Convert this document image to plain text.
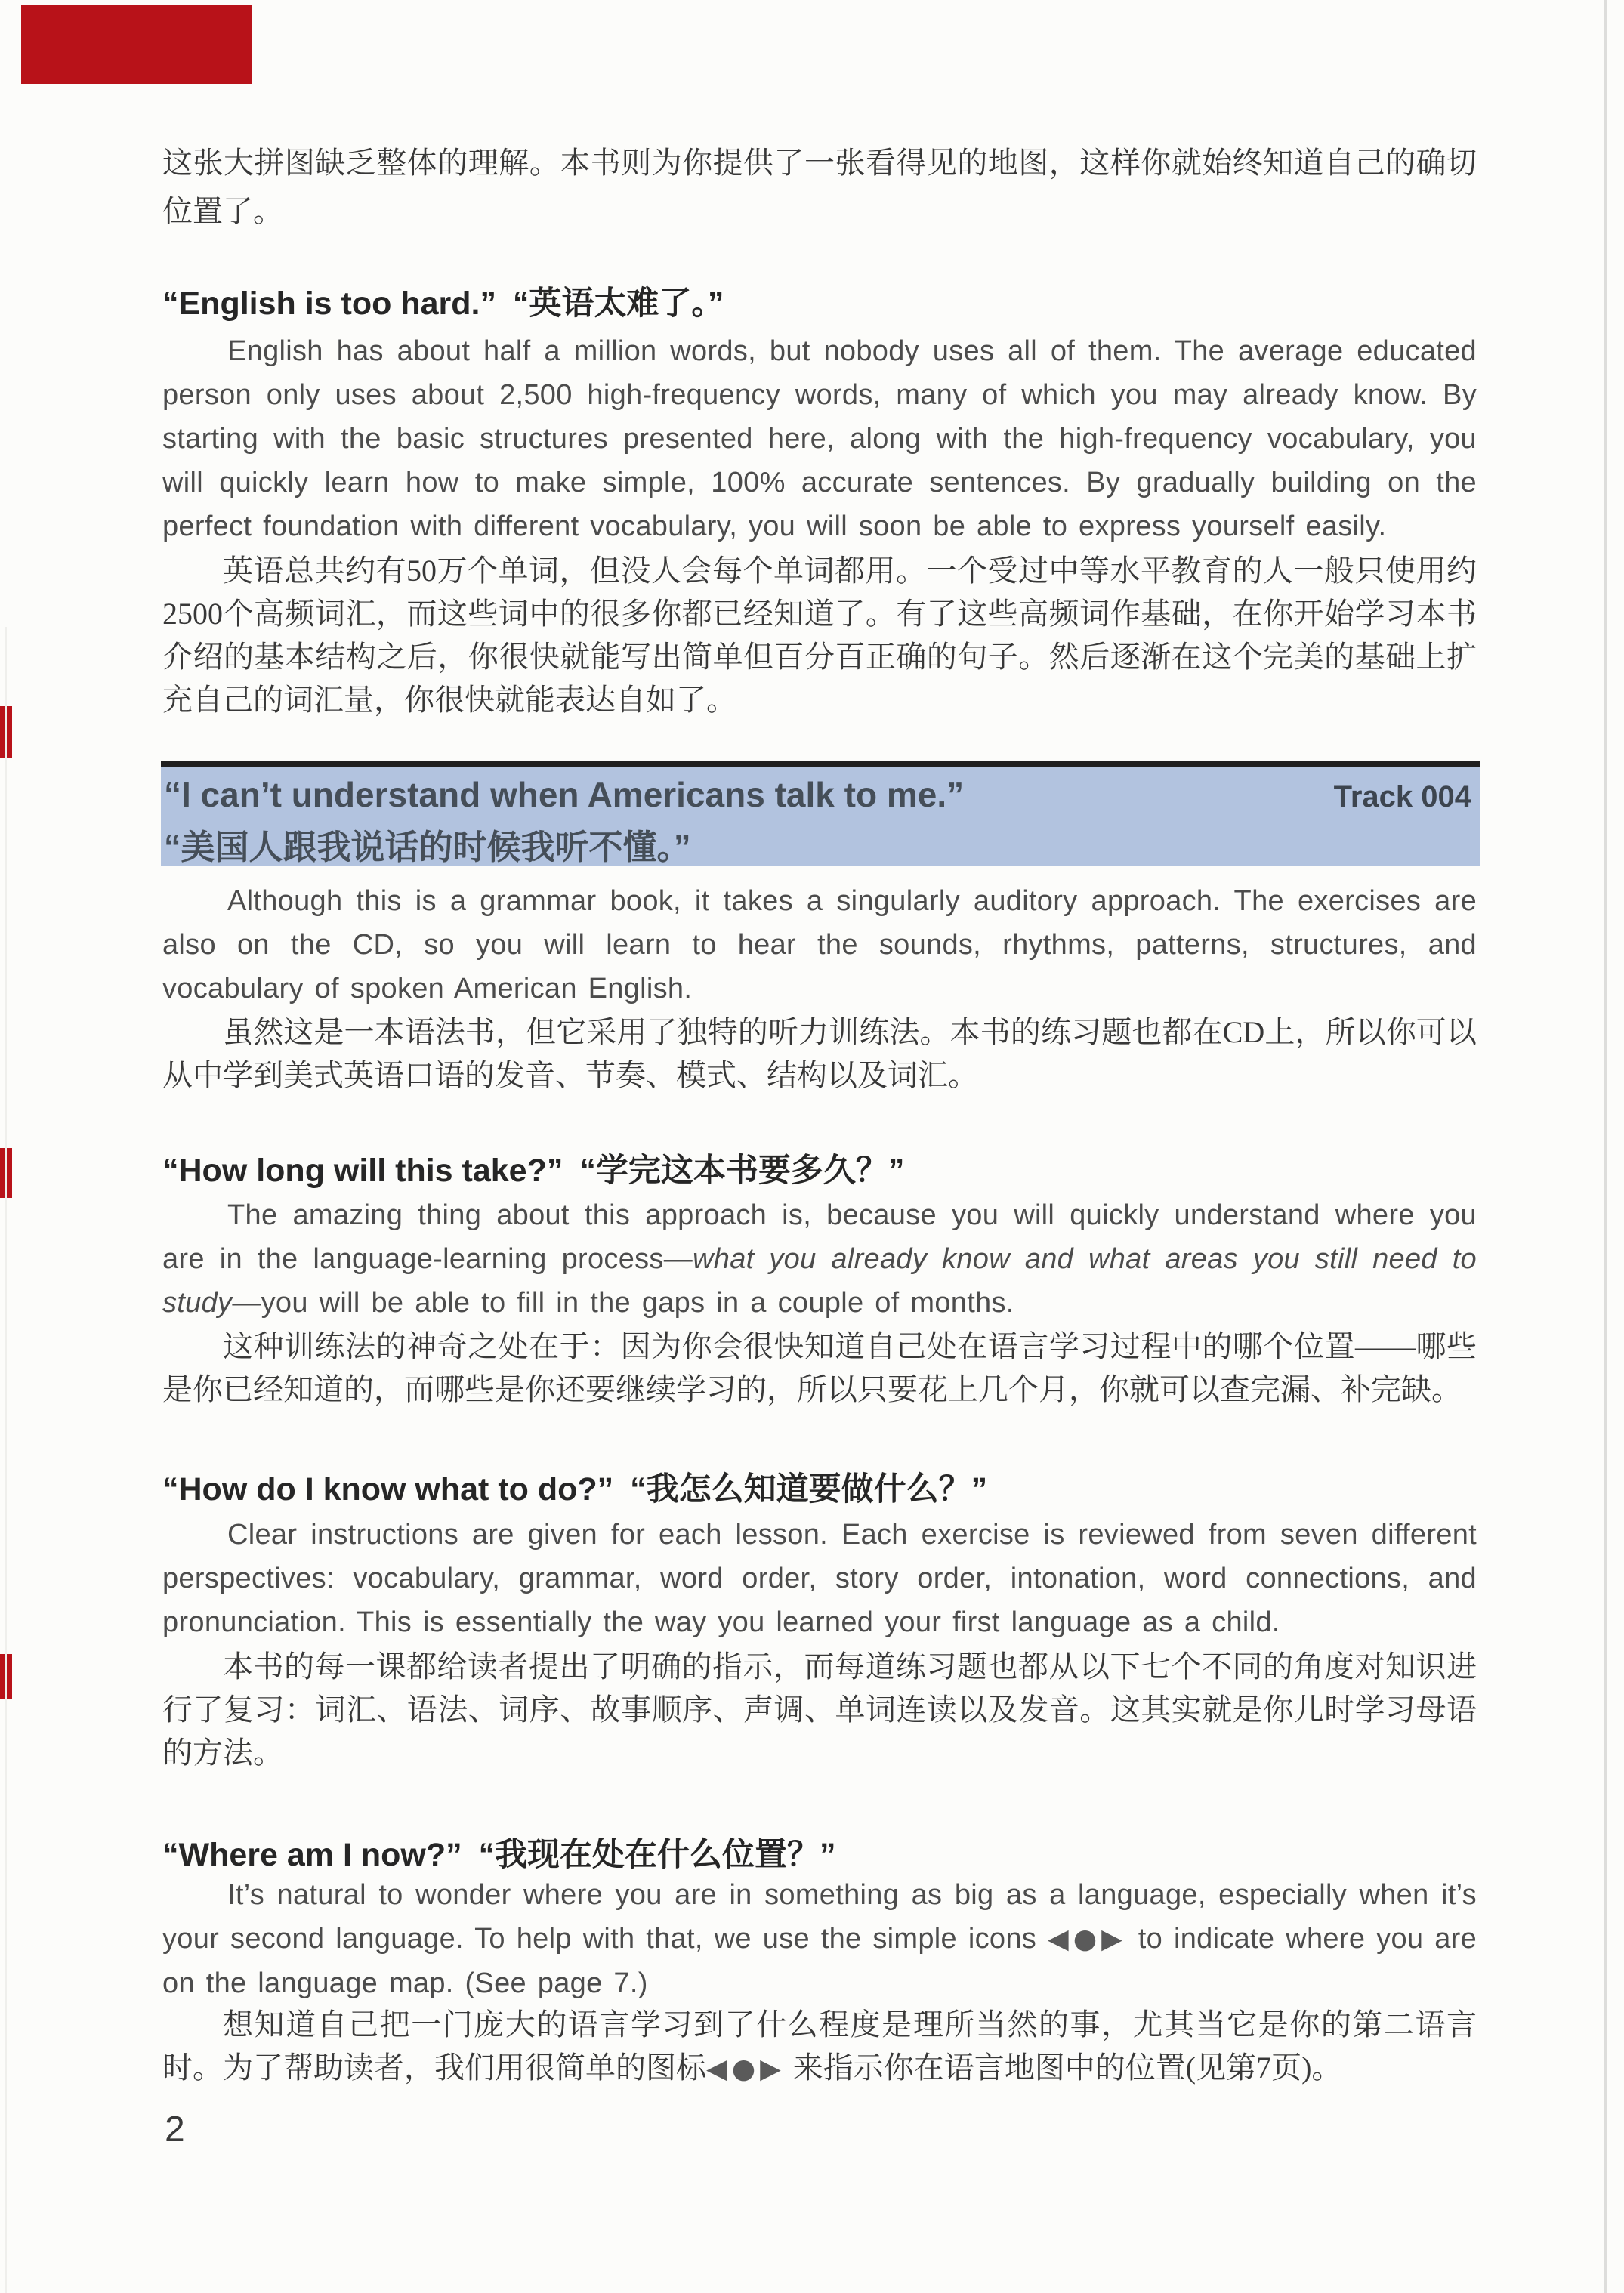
这张大拼图缺乏整体的理解。本书则为你提供了一张看得见的地图，这样你就始终知道自己的确切位置了。
“English is too hard.” “英语太难了。”
English has about half a million words, but nobody uses all of them. The average educated person only uses about 2,500 high-frequency words, many of which you may already know. By starting with the basic structures presented here, along with the high-frequency vocabulary, you will quickly learn how to make simple, 100% accurate sentences. By gradually building on the perfect foundation with different vocabulary, you will soon be able to express yourself easily.
英语总共约有50万个单词，但没人会每个单词都用。一个受过中等水平教育的人一般只使用约2500个高频词汇，而这些词中的很多你都已经知道了。有了这些高频词作基础，在你开始学习本书介绍的基本结构之后，你很快就能写出简单但百分百正确的句子。然后逐渐在这个完美的基础上扩充自己的词汇量，你很快就能表达自如了。
“I can’t understand when Americans talk to me.”	Track 004
“美国人跟我说话的时候我听不懂。”
Although this is a grammar book, it takes a singularly auditory approach. The exercises are also on the CD, so you will learn to hear the sounds, rhythms, patterns, structures, and vocabulary of spoken American English.
虽然这是一本语法书，但它采用了独特的听力训练法。本书的练习题也都在CD上，所以你可以从中学到美式英语口语的发音、节奏、模式、结构以及词汇。
“How long will this take?” “学完这本书要多久？”
The amazing thing about this approach is, because you will quickly understand where you are in the language-learning process—what you already know and what areas you still need to study—you will be able to fill in the gaps in a couple of months.
这种训练法的神奇之处在于：因为你会很快知道自己处在语言学习过程中的哪个位置——哪些是你已经知道的，而哪些是你还要继续学习的，所以只要花上几个月，你就可以查完漏、补完缺。
“How do I know what to do?” “我怎么知道要做什么？”
Clear instructions are given for each lesson. Each exercise is reviewed from seven different perspectives: vocabulary, grammar, word order, story order, intonation, word connections, and pronunciation. This is essentially the way you learned your first language as a child.
本书的每一课都给读者提出了明确的指示，而每道练习题也都从以下七个不同的角度对知识进行了复习：词汇、语法、词序、故事顺序、声调、单词连读以及发音。这其实就是你儿时学习母语的方法。
“Where am I now?” “我现在处在什么位置？”
It’s natural to wonder where you are in something as big as a language, especially when it’s your second language. To help with that, we use the simple icons ◀●▶ to indicate where you are on the language map. (See page 7.)
想知道自己把一门庞大的语言学习到了什么程度是理所当然的事，尤其当它是你的第二语言时。为了帮助读者，我们用很简单的图标◀●▶ 来指示你在语言地图中的位置(见第7页)。
2
